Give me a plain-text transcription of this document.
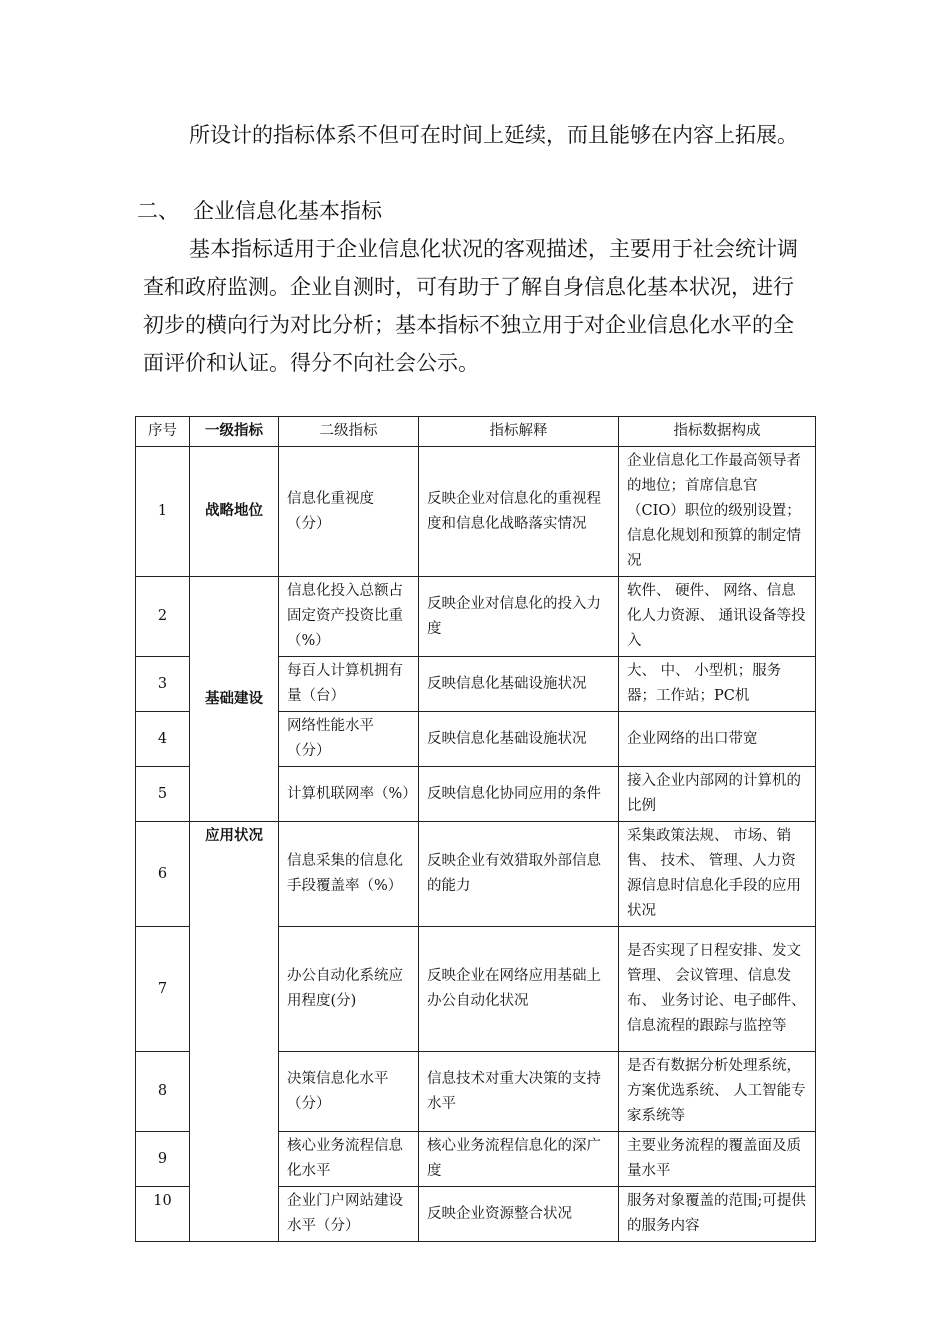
所设计的指标体系不但可在时间上延续，而且能够在内容上拓展。

二、 企业信息化基本指标

基本指标适用于企业信息化状况的客观描述，主要用于社会统计调查和政府监测。企业自测时，可有助于了解自身信息化基本状况，进行初步的横向行为对比分析；基本指标不独立用于对企业信息化水平的全面评价和认证。得分不向社会公示。

序号	一级指标	二级指标	指标解释	指标数据构成
1	战略地位	信息化重视度（分）	反映企业对信息化的重视程度和信息化战略落实情况	企业信息化工作最高领导者的地位；首席信息官（CIO）职位的级别设置；信息化规划和预算的制定情况
2	基础建设	信息化投入总额占固定资产投资比重（%）	反映企业对信息化的投入力度	软件、 硬件、 网络、信息化人力资源、 通讯设备等投入
3		每百人计算机拥有量（台）	反映信息化基础设施状况	大、 中、 小型机；服务器；工作站；PC机
4		网络性能水平（分）	反映信息化基础设施状况	企业网络的出口带宽
5		计算机联网率（%）	反映信息化协同应用的条件	接入企业内部网的计算机的比例
6	应用状况	信息采集的信息化手段覆盖率（%）	反映企业有效猎取外部信息的能力	采集政策法规、 市场、销售、 技术、 管理、人力资源信息时信息化手段的应用状况
7		办公自动化系统应用程度(分)	反映企业在网络应用基础上办公自动化状况	是否实现了日程安排、发文管理、 会议管理、信息发布、 业务讨论、电子邮件、 信息流程的跟踪与监控等
8		决策信息化水平（分）	信息技术对重大决策的支持水平	是否有数据分析处理系统，方案优选系统、 人工智能专家系统等
9		核心业务流程信息化水平	核心业务流程信息化的深广度	主要业务流程的覆盖面及质量水平
10		企业门户网站建设水平（分）	反映企业资源整合状况	服务对象覆盖的范围;可提供的服务内容
